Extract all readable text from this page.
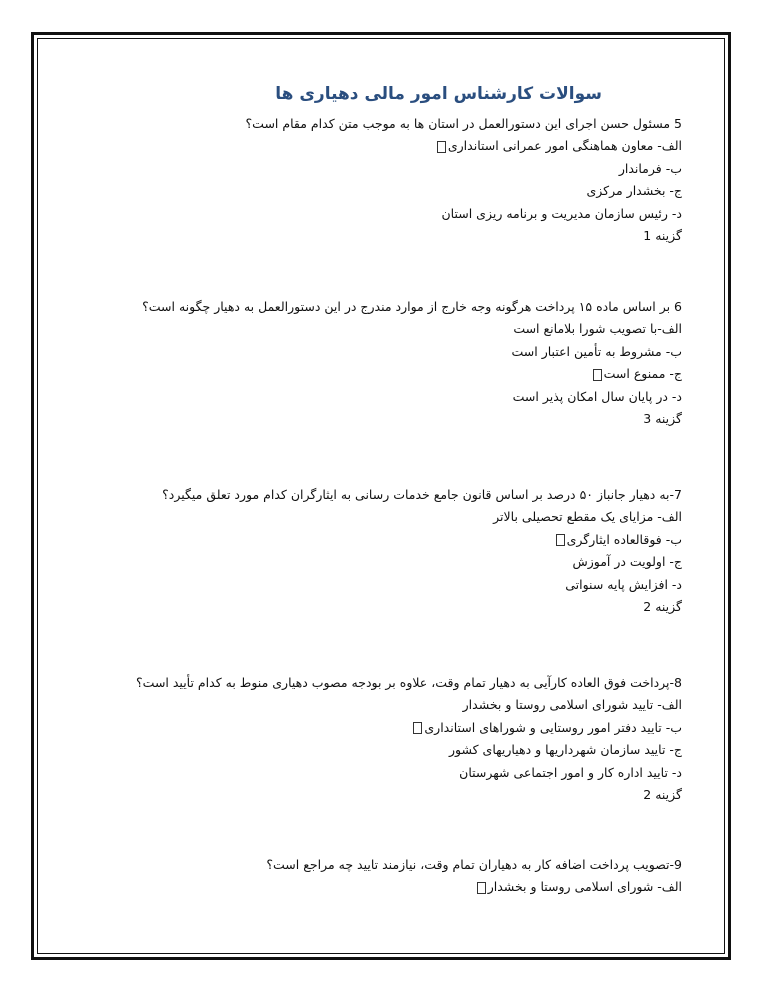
سوالات کارشناس امور مالی دهیاری ها
5 مسئول حسن اجرای این دستورالعمل در استان ها به موجب متن کدام مقام است؟
الف- معاون هماهنگی امور عمرانی استانداری
ب- فرماندار
ج- بخشدار مرکزی
د- رئیس سازمان مدیریت و برنامه ریزی استان
گزینه 1
6 بر اساس ماده ۱۵ پرداخت هرگونه وجه خارج از موارد مندرج در این دستورالعمل به دهیار چگونه است؟
الف-با تصویب شورا بلامانع است
ب- مشروط به تأمین اعتبار است
ج- ممنوع است
د- در پایان سال امکان پذیر است
گزینه 3
7-به دهیار جانباز ۵۰ درصد بر اساس قانون جامع خدمات رسانی به ایثارگران کدام مورد تعلق میگیرد؟
الف- مزایای یک مقطع تحصیلی بالاتر
ب- فوقالعاده ایثارگری
ج- اولویت در آموزش
د- افزایش پایه سنواتی
گزینه 2
8-پرداخت فوق العاده کارآیی به دهیار تمام وقت، علاوه بر بودجه مصوب دهیاری منوط به کدام تأیید است؟
الف- تایید شورای اسلامی روستا و بخشدار
ب- تایید دفتر امور روستایی و شوراهای استانداری
ج- تایید سازمان شهرداریها و دهیاریهای کشور
د- تایید اداره کار و امور اجتماعی شهرستان
گزینه 2
9-تصویب پرداخت اضافه کار به دهیاران تمام وقت، نیازمند تایید چه مراجع است؟
الف- شورای اسلامی روستا و بخشدار
